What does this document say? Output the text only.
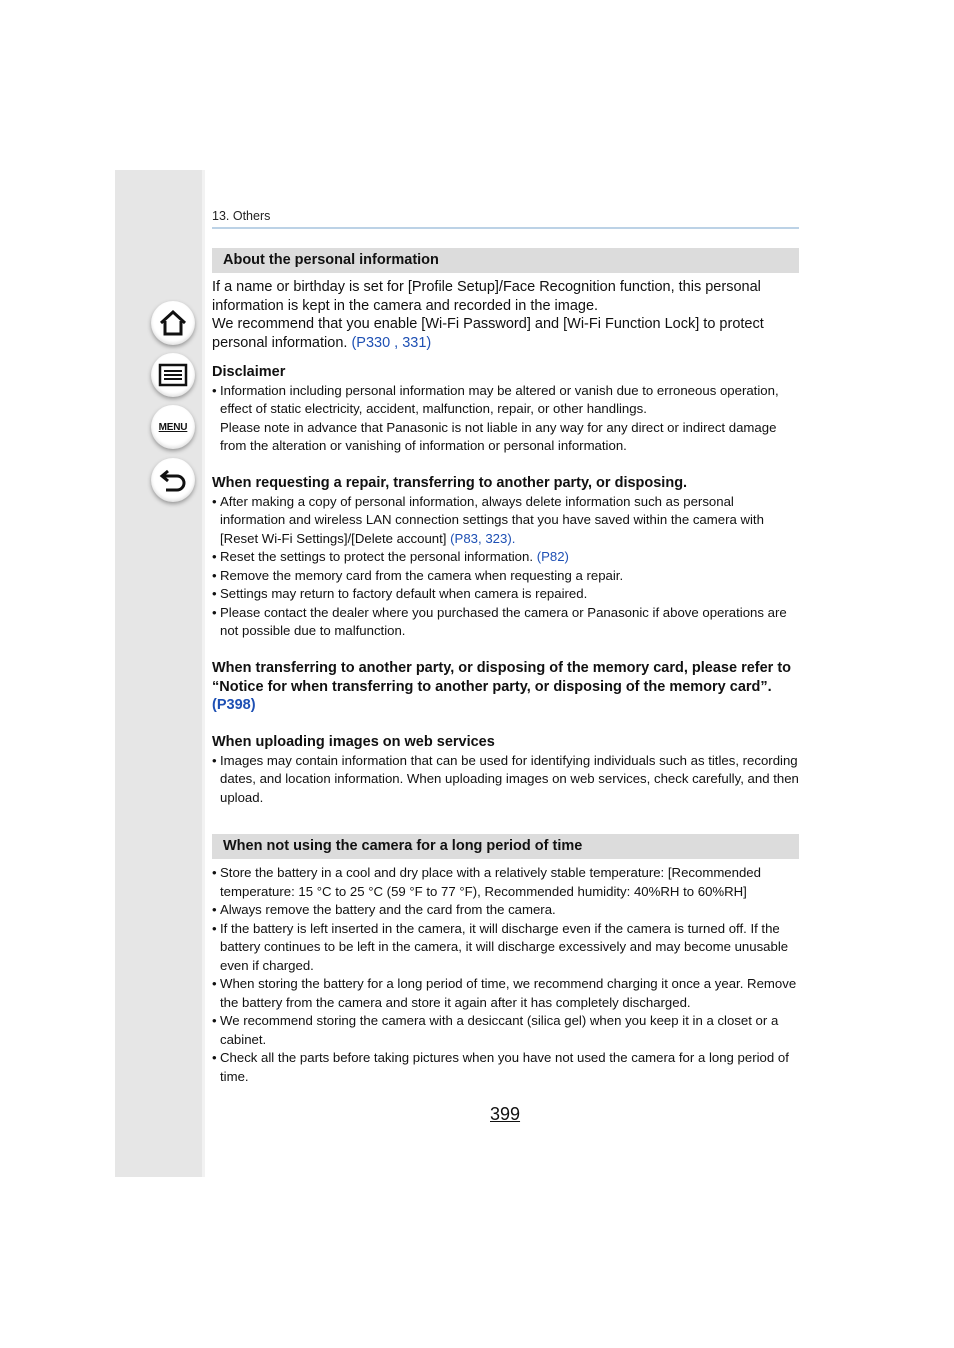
MENU
13. Others
About the personal information

If a name or birthday is set for [Profile Setup]/Face Recognition function, this personal information is kept in the camera and recorded in the image.

We recommend that you enable [Wi-Fi Password] and [Wi-Fi Function Lock] to protect personal information. (P330 , 331)

Disclaimer

• Information including personal information may be altered or vanish due to erroneous operation, effect of static electricity, accident, malfunction, repair, or other handlings.
Please note in advance that Panasonic is not liable in any way for any direct or indirect damage from the alteration or vanishing of information or personal information.

When requesting a repair, transferring to another party, or disposing.

• After making a copy of personal information, always delete information such as personal information and wireless LAN connection settings that you have saved within the camera with [Reset Wi-Fi Settings]/[Delete account] (P83, 323).
• Reset the settings to protect the personal information. (P82)
• Remove the memory card from the camera when requesting a repair.
• Settings may return to factory default when camera is repaired.
• Please contact the dealer where you purchased the camera or Panasonic if above operations are not possible due to malfunction.

When transferring to another party, or disposing of the memory card, please refer to “Notice for when transferring to another party, or disposing of the memory card”.
(P398)

When uploading images on web services

• Images may contain information that can be used for identifying individuals such as titles, recording dates, and location information. When uploading images on web services, check carefully, and then upload.
When not using the camera for a long period of time
• Store the battery in a cool and dry place with a relatively stable temperature: [Recommended temperature: 15 °C to 25 °C (59 °F to 77 °F), Recommended humidity: 40%RH to 60%RH]
• Always remove the battery and the card from the camera.
• If the battery is left inserted in the camera, it will discharge even if the camera is turned off. If the battery continues to be left in the camera, it will discharge excessively and may become unusable even if charged.
• When storing the battery for a long period of time, we recommend charging it once a year. Remove the battery from the camera and store it again after it has completely discharged.
• We recommend storing the camera with a desiccant (silica gel) when you keep it in a closet or a cabinet.
• Check all the parts before taking pictures when you have not used the camera for a long period of time.
399
